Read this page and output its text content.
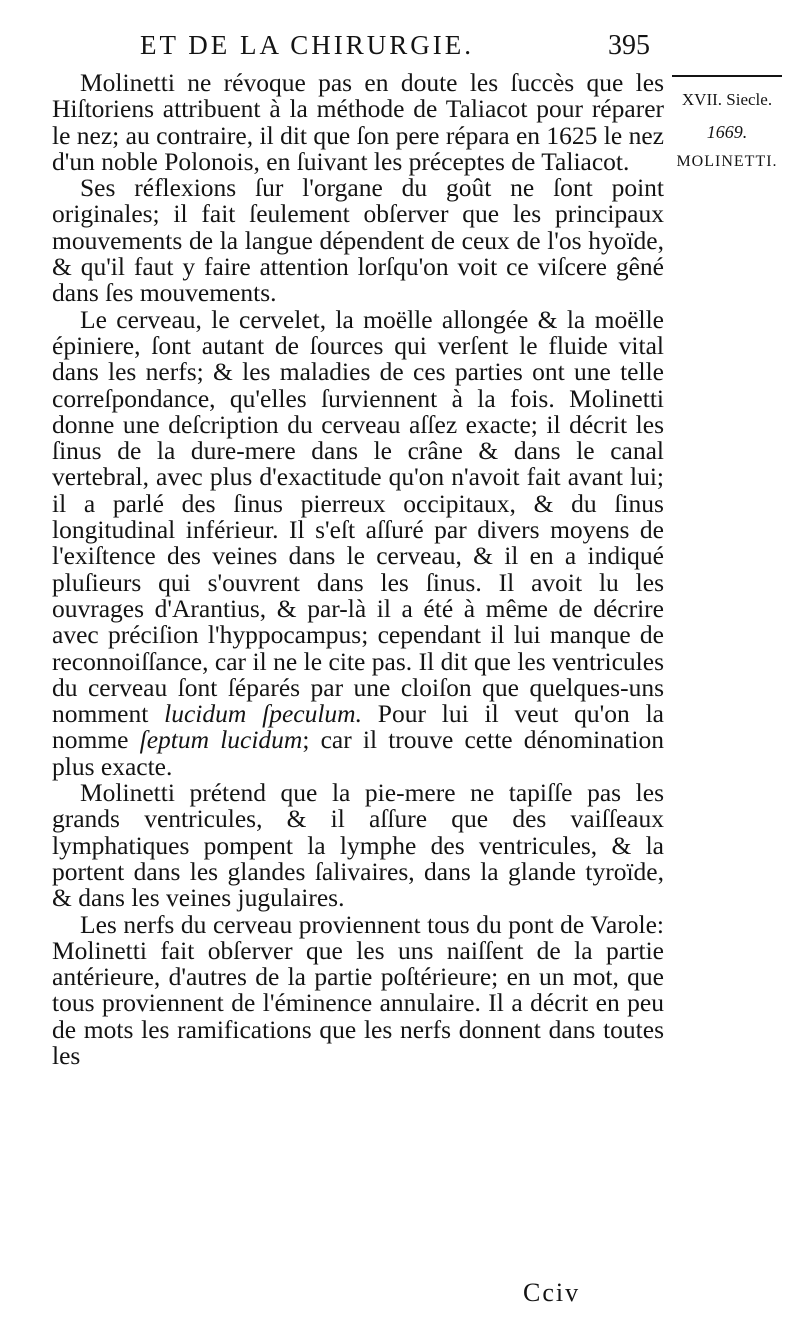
ET DE LA CHIRURGIE.	395
XVII. Siecle.
1669.
MOLINETTI.

Molinetti ne révoque pas en doute les ſuccès que les Hiſtoriens attribuent à la méthode de Taliacot pour réparer le nez; au contraire, il dit que ſon pere répara en 1625 le nez d'un noble Polonois, en ſuivant les préceptes de Taliacot.

Ses réflexions ſur l'organe du goût ne ſont point originales; il fait ſeulement obſerver que les principaux mouvements de la langue dépendent de ceux de l'os hyoïde, & qu'il faut y faire attention lorſqu'on voit ce viſcere gêné dans ſes mouvements.

Le cerveau, le cervelet, la moëlle allongée & la moëlle épiniere, ſont autant de ſources qui verſent le fluide vital dans les nerfs; & les maladies de ces parties ont une telle correſpondance, qu'elles ſurviennent à la fois. Molinetti donne une deſcription du cerveau aſſez exacte; il décrit les ſinus de la dure-mere dans le crâne & dans le canal vertebral, avec plus d'exactitude qu'on n'avoit fait avant lui; il a parlé des ſinus pierreux occipitaux, & du ſinus longitudinal inférieur. Il s'eſt aſſuré par divers moyens de l'exiſtence des veines dans le cerveau, & il en a indiqué pluſieurs qui s'ouvrent dans les ſinus. Il avoit lu les ouvrages d'Arantius, & par-là il a été à même de décrire avec préciſion l'hyppocampus; cependant il lui manque de reconnoiſſance, car il ne le cite pas. Il dit que les ventricules du cerveau ſont ſéparés par une cloiſon que quelques-uns nomment lucidum ſpeculum. Pour lui il veut qu'on la nomme ſeptum lucidum; car il trouve cette dénomination plus exacte.

Molinetti prétend que la pie-mere ne tapiſſe pas les grands ventricules, & il aſſure que des vaiſſeaux lymphatiques pompent la lymphe des ventricules, & la portent dans les glandes ſalivaires, dans la glande tyroïde, & dans les veines jugulaires.

Les nerfs du cerveau proviennent tous du pont de Varole: Molinetti fait obſerver que les uns naiſſent de la partie antérieure, d'autres de la partie poſtérieure; en un mot, que tous proviennent de l'éminence annulaire. Il a décrit en peu de mots les ramifications que les nerfs donnent dans toutes les

Cciv
